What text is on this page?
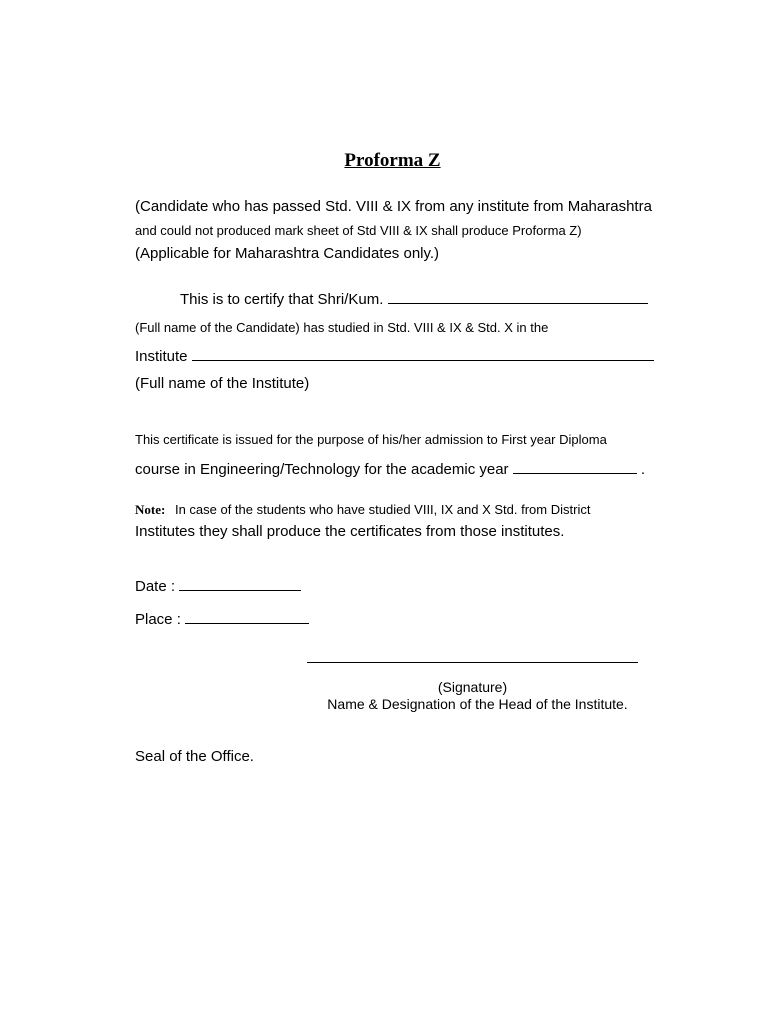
Proforma Z
(Candidate who has passed Std. VIII & IX from any institute from Maharashtra
and could not produced mark sheet of Std VIII & IX shall produce Proforma Z)
(Applicable for Maharashtra Candidates only.)
This is to certify that Shri/Kum.
(Full name of the Candidate) has studied in Std. VIII & IX & Std. X in the
Institute
(Full name of the Institute)
This certificate is issued for the purpose of his/her admission to First year Diploma
course in Engineering/Technology for the academic year	.
Note: In case of the students who have studied VIII, IX and X Std. from District
Institutes they shall produce the certificates from those institutes.
Date :
Place :
(Signature)
Name & Designation of the Head of the Institute.
Seal of the Office.
